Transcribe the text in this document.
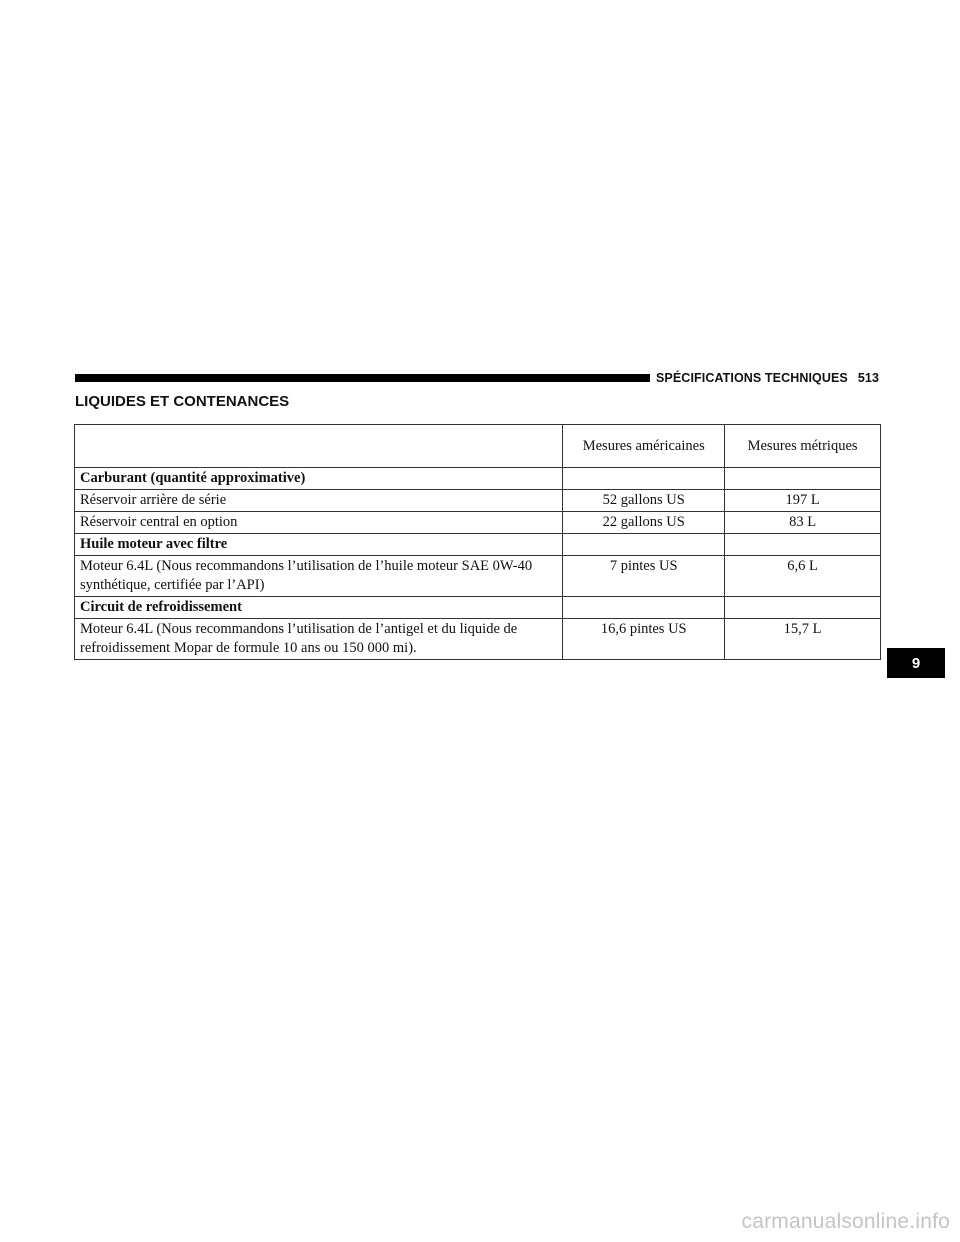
SPÉCIFICATIONS TECHNIQUES 513
LIQUIDES ET CONTENANCES
	Mesures américaines	Mesures métriques
Carburant (quantité approximative)		
Réservoir arrière de série	52 gallons US	197 L
Réservoir central en option	22 gallons US	83 L
Huile moteur avec filtre		
Moteur 6.4L (Nous recommandons l’utilisation de l’huile moteur SAE 0W-40 synthétique, certifiée par l’API)	7 pintes US	6,6 L
Circuit de refroidissement		
Moteur 6.4L (Nous recommandons l’utilisation de l’antigel et du liquide de refroidissement Mopar de formule 10 ans ou 150 000 mi).	16,6 pintes US	15,7 L
9
carmanualsonline.info
